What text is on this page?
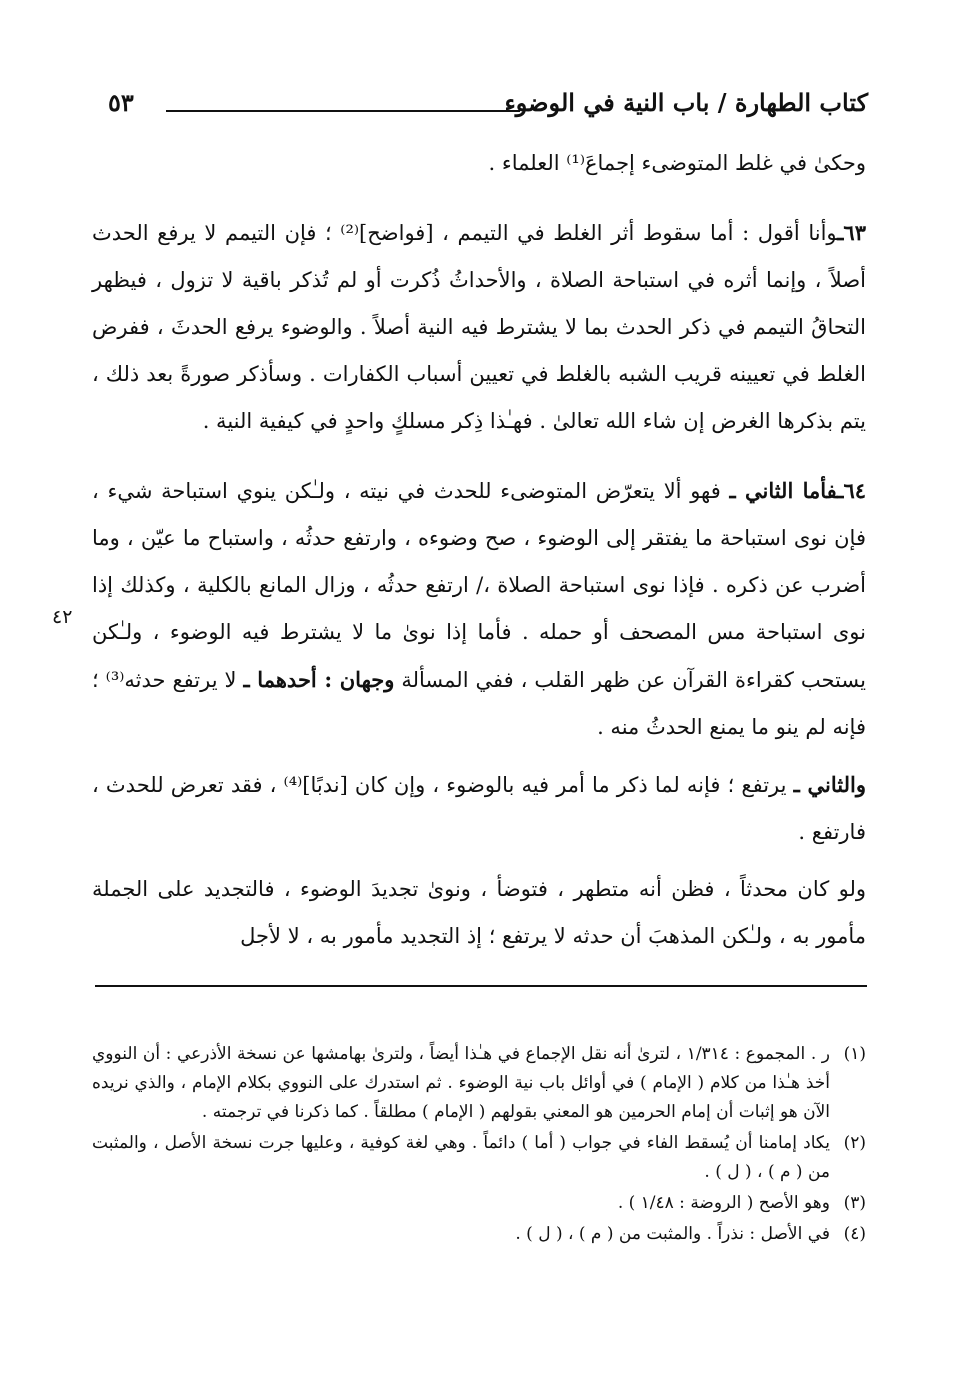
كتاب الطهارة / باب النية في الوضوء
٥٣

وحكىٰ في غلط المتوضىء إجماعَ⁽¹⁾ العلماء .

٦٣ـوأنا أقول : أما سقوط أثر الغلط في التيمم ، [فواضح]⁽²⁾ ؛ فإن التيمم لا يرفع الحدث أصلاً ، وإنما أثره في استباحة الصلاة ، والأحداثُ ذُكرت أو لم تُذكر باقية لا تزول ، فيظهر التحاقُ التيمم في ذكر الحدث بما لا يشترط فيه النية أصلاً . والوضوء يرفع الحدثَ ، ففرض الغلط في تعيينه قريب الشبه بالغلط في تعيين أسباب الكفارات . وسأذكر صورةً بعد ذلك ، يتم بذكرها الغرض إن شاء الله تعالىٰ . فهـٰذا ذِكر مسلكٍ واحدٍ في كيفية النية .

٦٤ـفأما الثاني ـ فهو ألا يتعرّض المتوضىء للحدث في نيته ، ولـٰكن ينوي استباحة شيء ، فإن نوى استباحة ما يفتقر إلى الوضوء ، صح وضوءه ، وارتفع حدثُه ، واستباح ما عيّن ، وما أضرب عن ذكره . فإذا نوى استباحة الصلاة ،/ ارتفع حدثُه ، وزال المانع بالكلية ، وكذلك إذا نوى استباحة مس المصحف أو حمله . فأما إذا نوىٰ ما لا يشترط فيه الوضوء ، ولـٰكن يستحب كقراءة القرآن عن ظهر القلب ، ففي المسألة وجهان : أحدهما ـ لا يرتفع حدثه⁽³⁾ ؛ فإنه لم ينو ما يمنع الحدثُ منه .

والثاني ـ يرتفع ؛ فإنه لما ذكر ما أمر فيه بالوضوء ، وإن كان [ندبًا]⁽⁴⁾ ، فقد تعرض للحدث ، فارتفع .

ولو كان محدثاً ، فظن أنه متطهر ، فتوضأ ، ونوىٰ تجديدَ الوضوء ، فالتجديد على الجملة مأمور به ، ولـٰكن المذهبَ أن حدثه لا يرتفع ؛ إذ التجديد مأمور به ، لا لأجل

٤٢
(١)
ر . المجموع : ١/٣١٤ ، لترىٰ أنه نقل الإجماع في هـٰذا أيضاً ، ولترىٰ بهامشها عن نسخة الأذرعي : أن النووي أخذ هـٰذا من كلام ( الإمام ) في أوائل باب نية الوضوء . ثم استدرك على النووي بكلام الإمام ، والذي نريده الآن هو إثبات أن إمام الحرمين هو المعني بقولهم ( الإمام ) مطلقاً . كما ذكرنا في ترجمته .
(٢)
يكاد إمامنا أن يُسقط الفاء في جواب ( أما ) دائماً . وهي لغة كوفية ، وعليها جرت نسخة الأصل ، والمثبت من ( م ) ، ( ل ) .
(٣)
وهو الأصح ( الروضة : ١/٤٨ ) .
(٤)
في الأصل : نذراً . والمثبت من ( م ) ، ( ل ) .
